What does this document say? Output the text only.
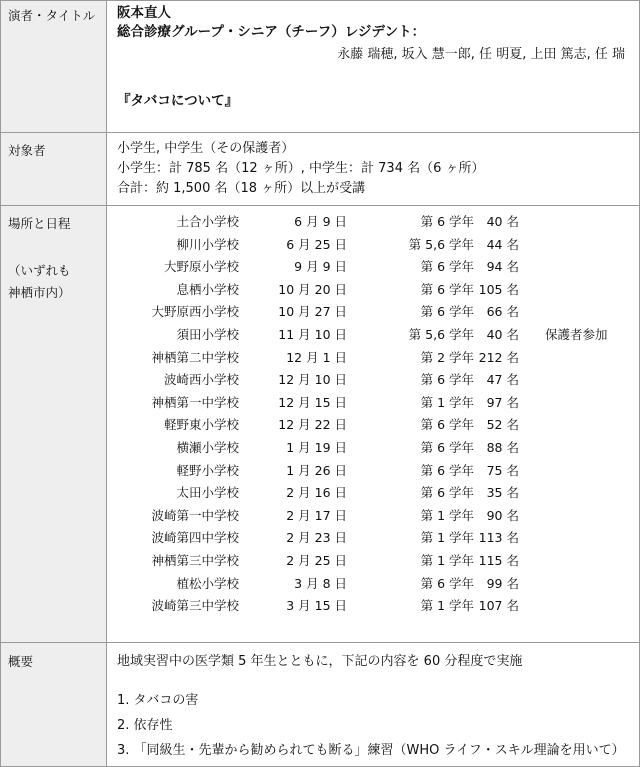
演者・タイトル	阪本直人
総合診療グループ・シニア（チーフ）レジデント：
永藤 瑞穂, 坂入 慧一郎, 任 明夏, 上田 篤志, 任 瑞
『タバコについて』
対象者	小学生, 中学生（その保護者）
小学生：計 785 名（12 ヶ所）, 中学生：計 734 名（6 ヶ所）
合計：約 1,500 名（18 ヶ所）以上が受講
場所と日程
（いずれも
神栖市内）
土合小学校	6 月 9 日	第 6 学年 40 名
柳川小学校	6 月 25 日	第 5,6 学年 44 名
大野原小学校	9 月 9 日	第 6 学年 94 名
息栖小学校	10 月 20 日	第 6 学年 105 名
大野原西小学校	10 月 27 日	第 6 学年 66 名
須田小学校	11 月 10 日	第 5,6 学年 40 名 保護者参加
神栖第二中学校	12 月 1 日	第 2 学年 212 名
波崎西小学校	12 月 10 日	第 6 学年 47 名
神栖第一中学校	12 月 15 日	第 1 学年 97 名
軽野東小学校	12 月 22 日	第 6 学年 52 名
横瀬小学校	1 月 19 日	第 6 学年 88 名
軽野小学校	1 月 26 日	第 6 学年 75 名
太田小学校	2 月 16 日	第 6 学年 35 名
波崎第一中学校	2 月 17 日	第 1 学年 90 名
波崎第四中学校	2 月 23 日	第 1 学年 113 名
神栖第三中学校	2 月 25 日	第 1 学年 115 名
植松小学校	3 月 8 日	第 6 学年 99 名
波崎第三中学校	3 月 15 日	第 1 学年 107 名
概要	地域実習中の医学類 5 年生とともに，下記の内容を 60 分程度で実施
1. タバコの害
2. 依存性
3. 「同級生・先輩から勧められても断る」練習（WHO ライフ・スキル理論を用いて）
